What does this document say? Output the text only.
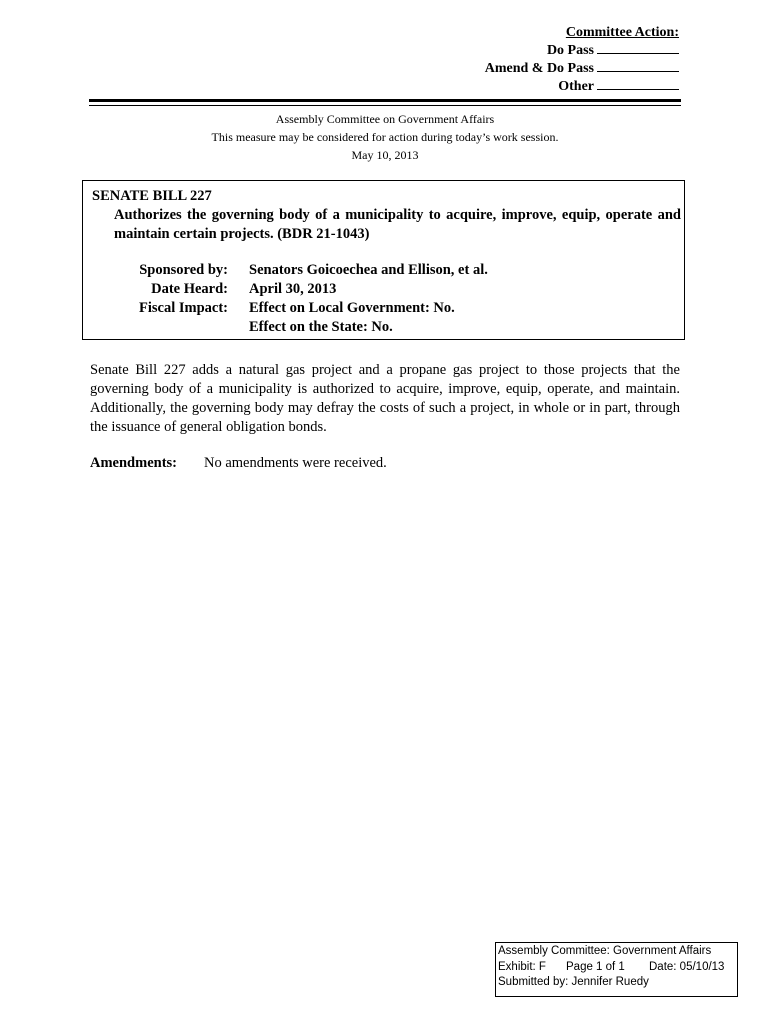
Committee Action:
Do Pass
Amend & Do Pass
Other
Assembly Committee on Government Affairs
This measure may be considered for action during today’s work session.
May 10, 2013
SENATE BILL 227
Authorizes the governing body of a municipality to acquire, improve, equip, operate and maintain certain projects. (BDR 21-1043)
Sponsored by: Senators Goicoechea and Ellison, et al.
Date Heard: April 30, 2013
Fiscal Impact: Effect on Local Government: No.
Effect on the State: No.
Senate Bill 227 adds a natural gas project and a propane gas project to those projects that the governing body of a municipality is authorized to acquire, improve, equip, operate, and maintain. Additionally, the governing body may defray the costs of such a project, in whole or in part, through the issuance of general obligation bonds.
Amendments: No amendments were received.
Assembly Committee: Government Affairs
Exhibit: F Page 1 of 1 Date: 05/10/13
Submitted by: Jennifer Ruedy
